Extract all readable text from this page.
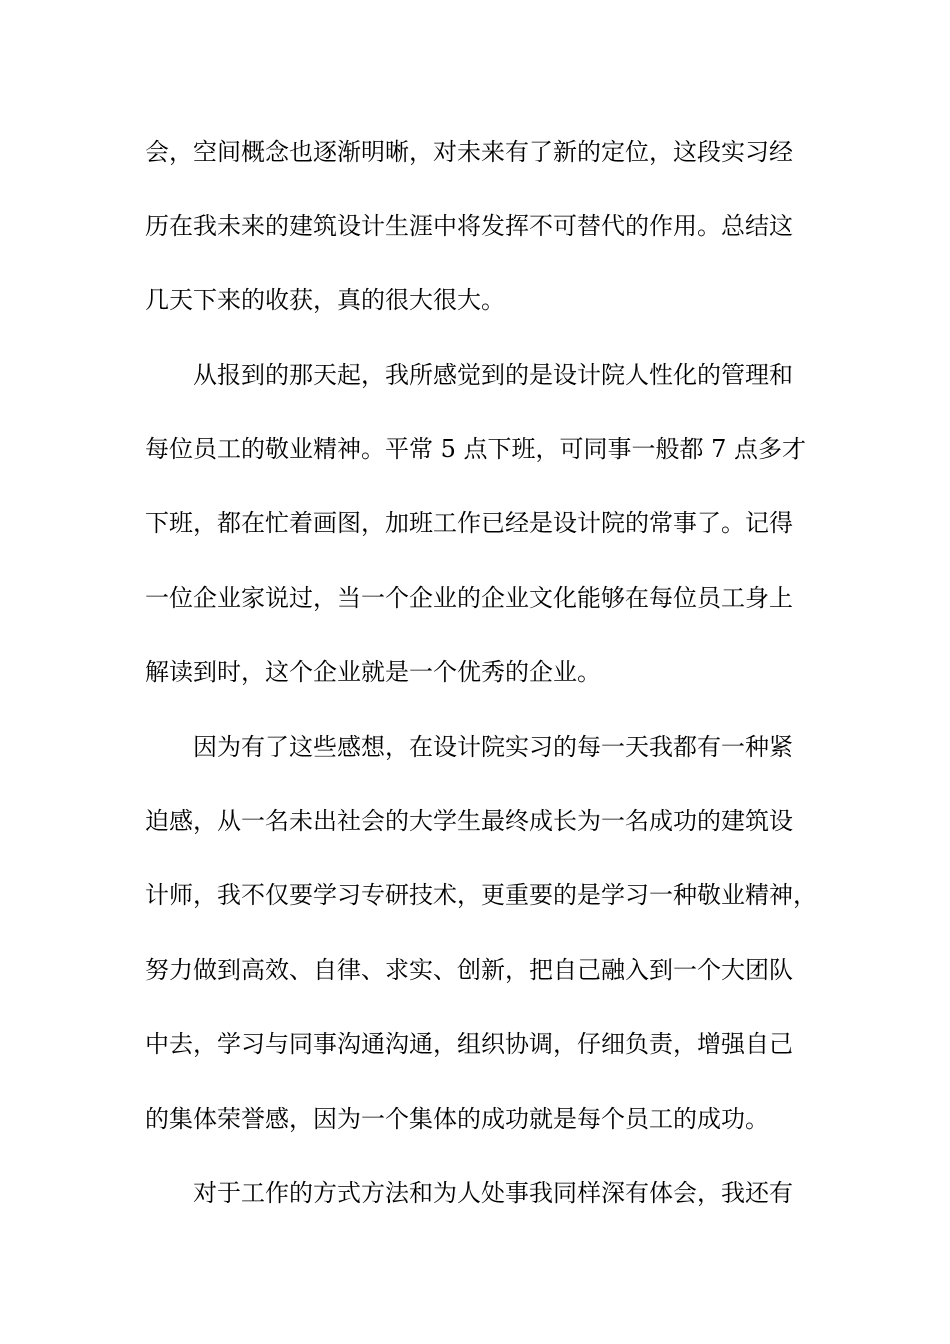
会，空间概念也逐渐明晰，对未来有了新的定位，这段实习经

历在我未来的建筑设计生涯中将发挥不可替代的作用。总结这

几天下来的收获，真的很大很大。

从报到的那天起，我所感觉到的是设计院人性化的管理和

每位员工的敬业精神。平常 5 点下班，可同事一般都 7 点多才

下班，都在忙着画图，加班工作已经是设计院的常事了。记得

一位企业家说过，当一个企业的企业文化能够在每位员工身上

解读到时，这个企业就是一个优秀的企业。

因为有了这些感想，在设计院实习的每一天我都有一种紧

迫感，从一名未出社会的大学生最终成长为一名成功的建筑设

计师，我不仅要学习专研技术，更重要的是学习一种敬业精神，

努力做到高效、自律、求实、创新，把自己融入到一个大团队

中去，学习与同事沟通沟通，组织协调，仔细负责，增强自己

的集体荣誉感，因为一个集体的成功就是每个员工的成功。

对于工作的方式方法和为人处事我同样深有体会，我还有
